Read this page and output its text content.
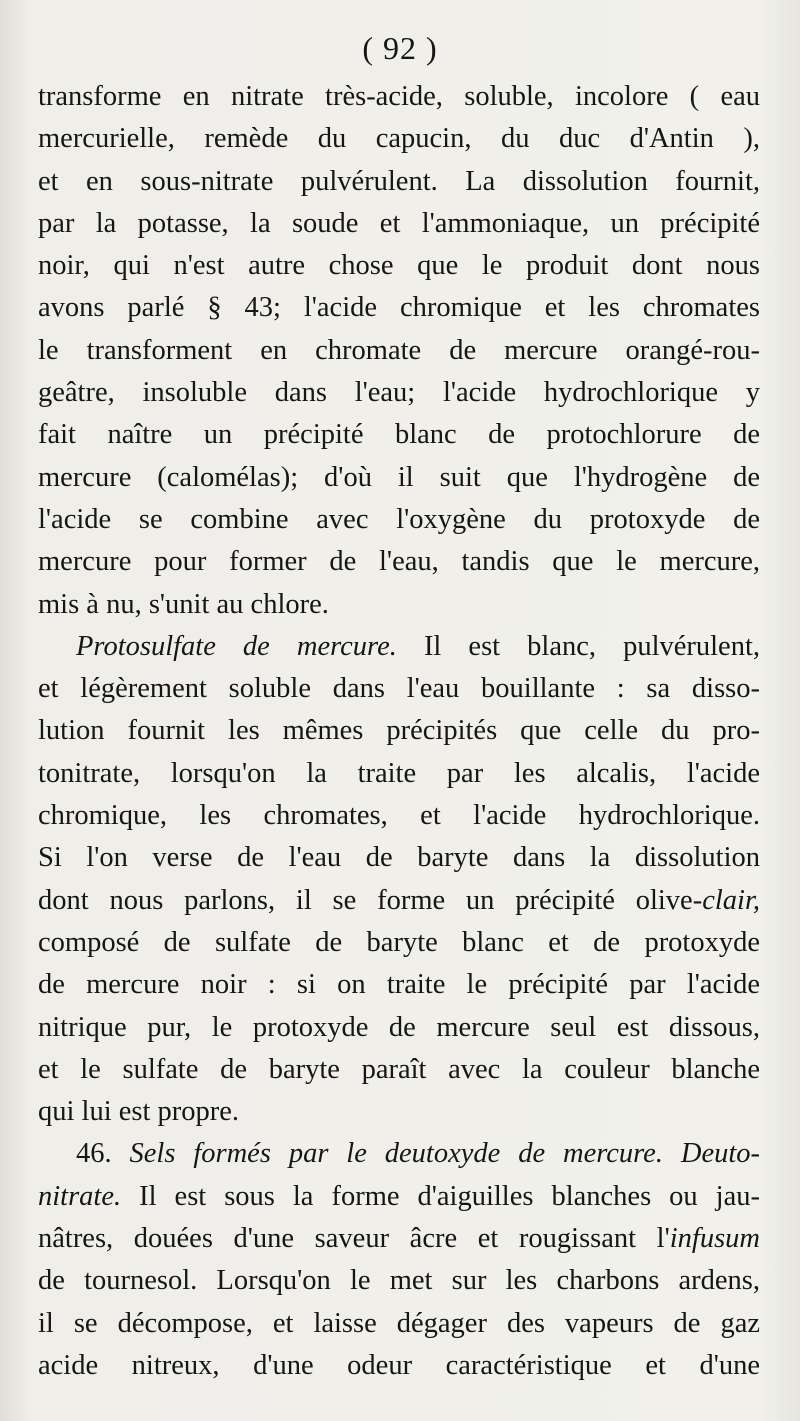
( 92 )
transforme en nitrate très-acide, soluble, incolore ( eau
mercurielle, remède du capucin, du duc d'Antin ),
et en sous-nitrate pulvérulent. La dissolution fournit,
par la potasse, la soude et l'ammoniaque, un précipité
noir, qui n'est autre chose que le produit dont nous
avons parlé § 43; l'acide chromique et les chromates
le transforment en chromate de mercure orangé-rou-
geâtre, insoluble dans l'eau; l'acide hydrochlorique y
fait naître un précipité blanc de protochlorure de
mercure (calomélas); d'où il suit que l'hydrogène de
l'acide se combine avec l'oxygène du protoxyde de
mercure pour former de l'eau, tandis que le mercure,
mis à nu, s'unit au chlore.
Protosulfate de mercure. Il est blanc, pulvérulent,
et légèrement soluble dans l'eau bouillante : sa disso-
lution fournit les mêmes précipités que celle du pro-
tonitrate, lorsqu'on la traite par les alcalis, l'acide
chromique, les chromates, et l'acide hydrochlorique.
Si l'on verse de l'eau de baryte dans la dissolution
dont nous parlons, il se forme un précipité olive-clair,
composé de sulfate de baryte blanc et de protoxyde
de mercure noir : si on traite le précipité par l'acide
nitrique pur, le protoxyde de mercure seul est dissous,
et le sulfate de baryte paraît avec la couleur blanche
qui lui est propre.
46. Sels formés par le deutoxyde de mercure. Deuto-
nitrate. Il est sous la forme d'aiguilles blanches ou jau-
nâtres, douées d'une saveur âcre et rougissant l'infusum
de tournesol. Lorsqu'on le met sur les charbons ardens,
il se décompose, et laisse dégager des vapeurs de gaz
acide nitreux, d'une odeur caractéristique et d'une
